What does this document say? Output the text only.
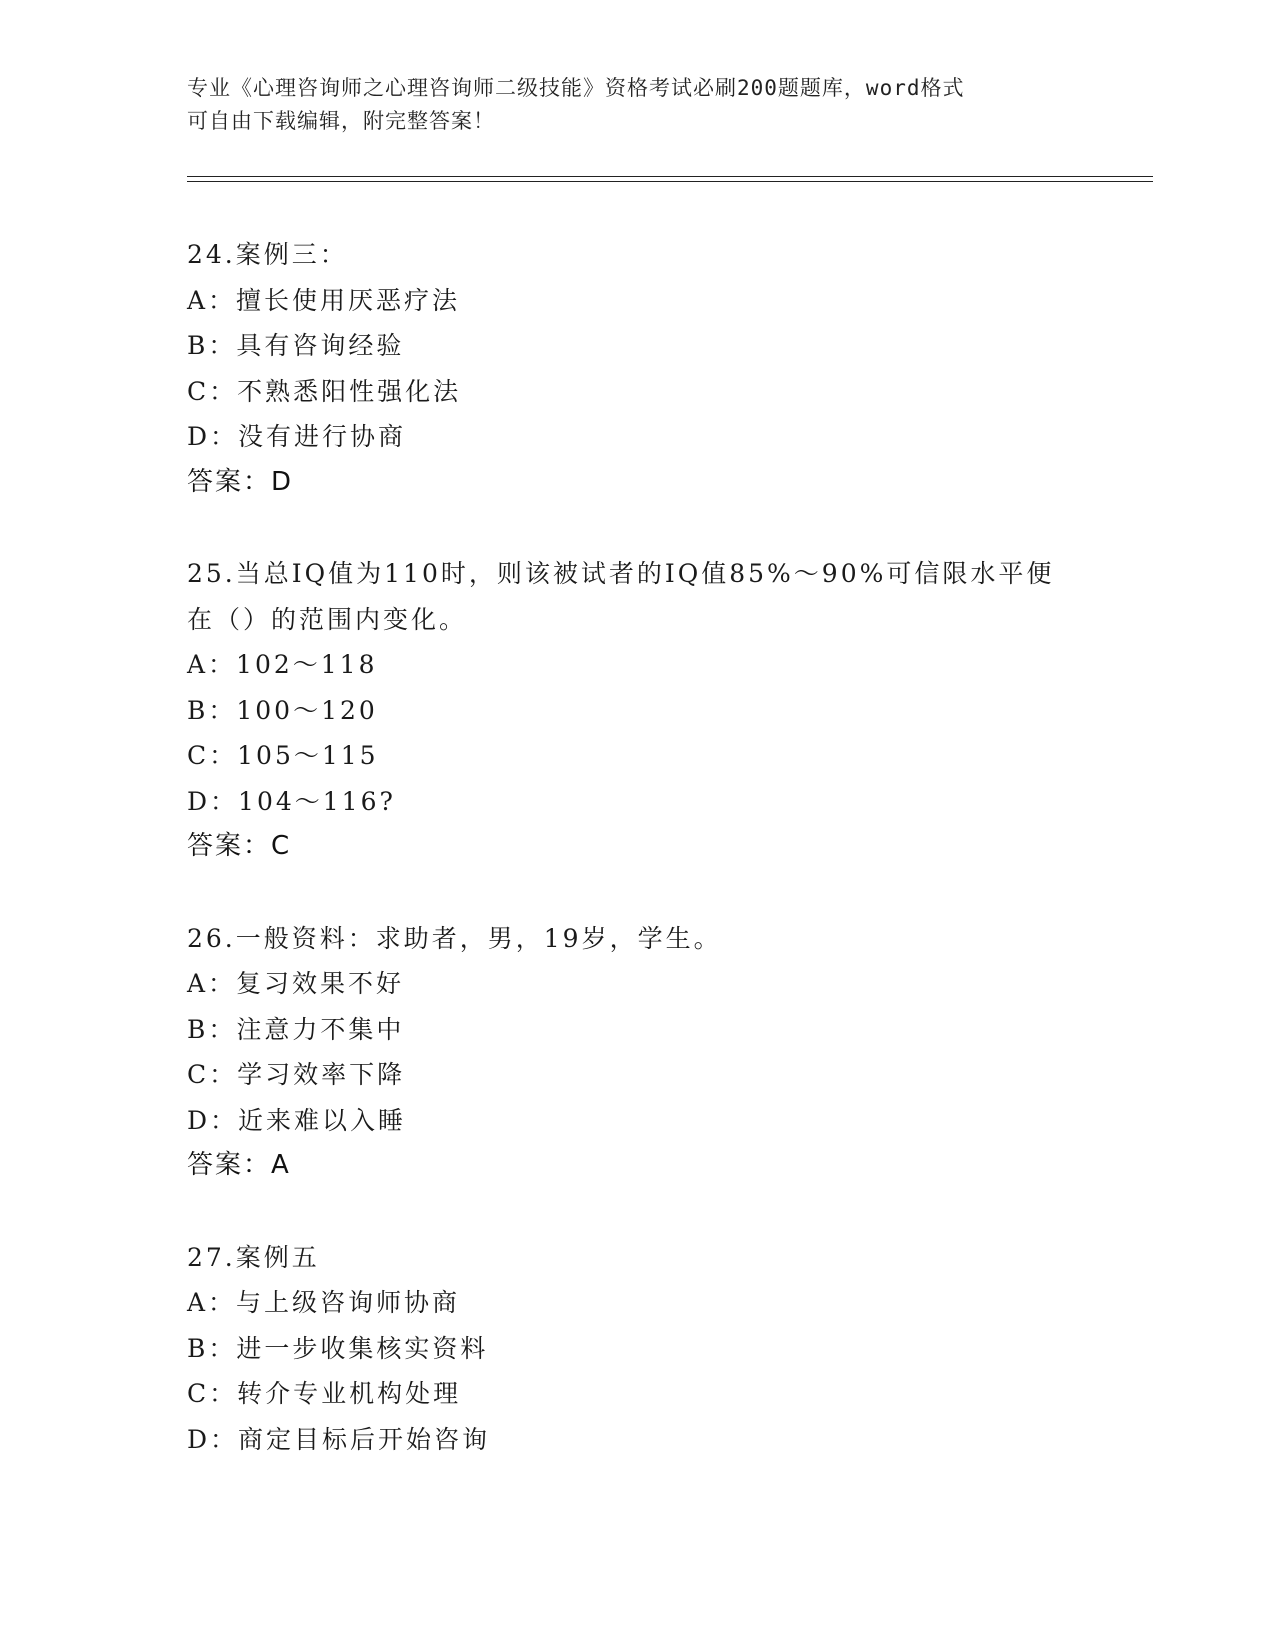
专业《心理咨询师之心理咨询师二级技能》资格考试必刷200题题库，word格式
可自由下载编辑，附完整答案！
24.案例三：
A：擅长使用厌恶疗法
B：具有咨询经验
C：不熟悉阳性强化法
D：没有进行协商
答案：D
25.当总IQ值为110时，则该被试者的IQ值85%～90%可信限水平便
在（）的范围内变化。
A：102～118
B：100～120
C：105～115
D：104～116?
答案：C
26.一般资料：求助者，男，19岁，学生。
A：复习效果不好
B：注意力不集中
C：学习效率下降
D：近来难以入睡
答案：A
27.案例五
A：与上级咨询师协商
B：进一步收集核实资料
C：转介专业机构处理
D：商定目标后开始咨询
